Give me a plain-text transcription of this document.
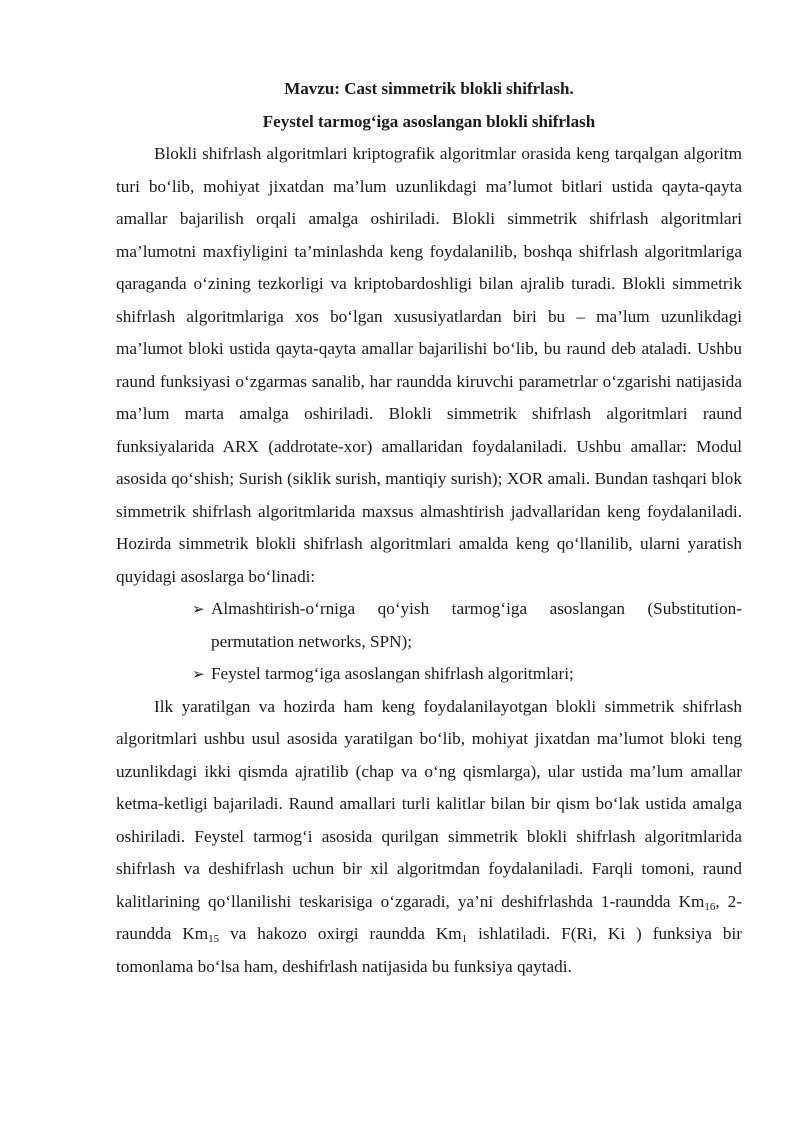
Mavzu: Cast simmetrik blokli shifrlash.

Feystel tarmog‘iga asoslangan blokli shifrlash

Blokli shifrlash algoritmlari kriptografik algoritmlar orasida keng tarqalgan algoritm turi bo‘lib, mohiyat jixatdan ma’lum uzunlikdagi ma’lumot bitlari ustida qayta-qayta amallar bajarilish orqali amalga oshiriladi. Blokli simmetrik shifrlash algoritmlari ma’lumotni maxfiyligini ta’minlashda keng foydalanilib, boshqa shifrlash algoritmlariga qaraganda o‘zining tezkorligi va kriptobardoshligi bilan ajralib turadi. Blokli simmetrik shifrlash algoritmlariga xos bo‘lgan xususiyatlardan biri bu – ma’lum uzunlikdagi ma’lumot bloki ustida qayta-qayta amallar bajarilishi bo‘lib, bu raund deb ataladi. Ushbu raund funksiyasi o‘zgarmas sanalib, har raundda kiruvchi parametrlar o‘zgarishi natijasida ma’lum marta amalga oshiriladi. Blokli simmetrik shifrlash algoritmlari raund funksiyalarida ARX (addrotate-xor) amallaridan foydalaniladi. Ushbu amallar: Modul asosida qo‘shish; Surish (siklik surish, mantiqiy surish); XOR amali. Bundan tashqari blok simmetrik shifrlash algoritmlarida maxsus almashtirish jadvallaridan keng foydalaniladi. Hozirda simmetrik blokli shifrlash algoritmlari amalda keng qo‘llanilib, ularni yaratish quyidagi asoslarga bo‘linadi:

➢ Almashtirish-o‘rniga qo‘yish tarmog‘iga asoslangan (Substitution-permutation networks, SPN);
➢ Feystel tarmog‘iga asoslangan shifrlash algoritmlari;

Ilk yaratilgan va hozirda ham keng foydalanilayotgan blokli simmetrik shifrlash algoritmlari ushbu usul asosida yaratilgan bo‘lib, mohiyat jixatdan ma’lumot bloki teng uzunlikdagi ikki qismda ajratilib (chap va o‘ng qismlarga), ular ustida ma’lum amallar ketma-ketligi bajariladi. Raund amallari turli kalitlar bilan bir qism bo‘lak ustida amalga oshiriladi. Feystel tarmog‘i asosida qurilgan simmetrik blokli shifrlash algoritmlarida shifrlash va deshifrlash uchun bir xil algoritmdan foydalaniladi. Farqli tomoni, raund kalitlarining qo‘llanilishi teskarisiga o‘zgaradi, ya’ni deshifrlashda 1-raundda $Km_{16}$, 2-raundda $Km_{15}$ va hakozo oxirgi raundda $Km_1$ ishlatiladi. F(Ri, Ki ) funksiya bir tomonlama bo‘lsa ham, deshifrlash natijasida bu funksiya qaytadi.
